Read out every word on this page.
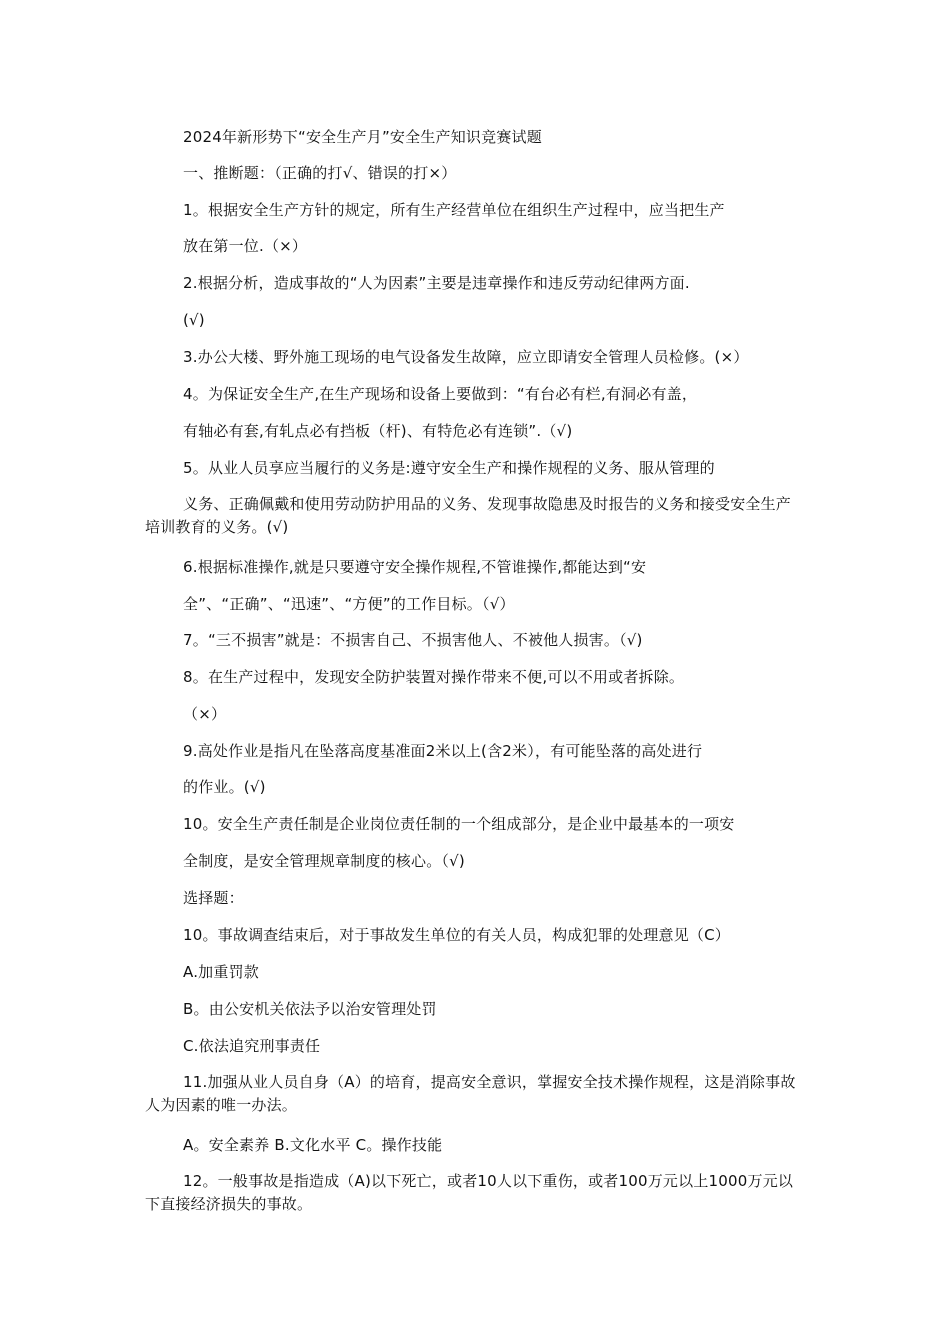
2024年新形势下“安全生产月”安全生产知识竞赛试题
一、推断题：（正确的打√、错误的打×）
1。根据安全生产方针的规定，所有生产经营单位在组织生产过程中，应当把生产
放在第一位.（×）
2.根据分析，造成事故的“人为因素”主要是违章操作和违反劳动纪律两方面.
(√)
3.办公大楼、野外施工现场的电气设备发生故障，应立即请安全管理人员检修。(×）
4。为保证安全生产,在生产现场和设备上要做到：“有台必有栏,有洞必有盖，
有轴必有套,有轧点必有挡板（杆)、有特危必有连锁”.（√)
5。从业人员享应当履行的义务是:遵守安全生产和操作规程的义务、服从管理的
义务、正确佩戴和使用劳动防护用品的义务、发现事故隐患及时报告的义务和接受安全生产培训教育的义务。(√)
6.根据标准操作,就是只要遵守安全操作规程,不管谁操作,都能达到“安
全”、“正确”、“迅速”、“方便”的工作目标。（√）
7。“三不损害”就是：不损害自己、不损害他人、不被他人损害。（√)
8。在生产过程中，发现安全防护装置对操作带来不便,可以不用或者拆除。
（×）
9.高处作业是指凡在坠落高度基准面2米以上(含2米），有可能坠落的高处进行
的作业。(√)
10。安全生产责任制是企业岗位责任制的一个组成部分，是企业中最基本的一项安
全制度，是安全管理规章制度的核心。（√)
选择题：
10。事故调查结束后，对于事故发生单位的有关人员，构成犯罪的处理意见（C）
A.加重罚款
B。由公安机关依法予以治安管理处罚
C.依法追究刑事责任
11.加强从业人员自身（A）的培育，提高安全意识，掌握安全技术操作规程，这是消除事故人为因素的唯一办法。
A。安全素养 B.文化水平 C。操作技能
12。一般事故是指造成（A)以下死亡，或者10人以下重伤，或者100万元以上1000万元以下直接经济损失的事故。
